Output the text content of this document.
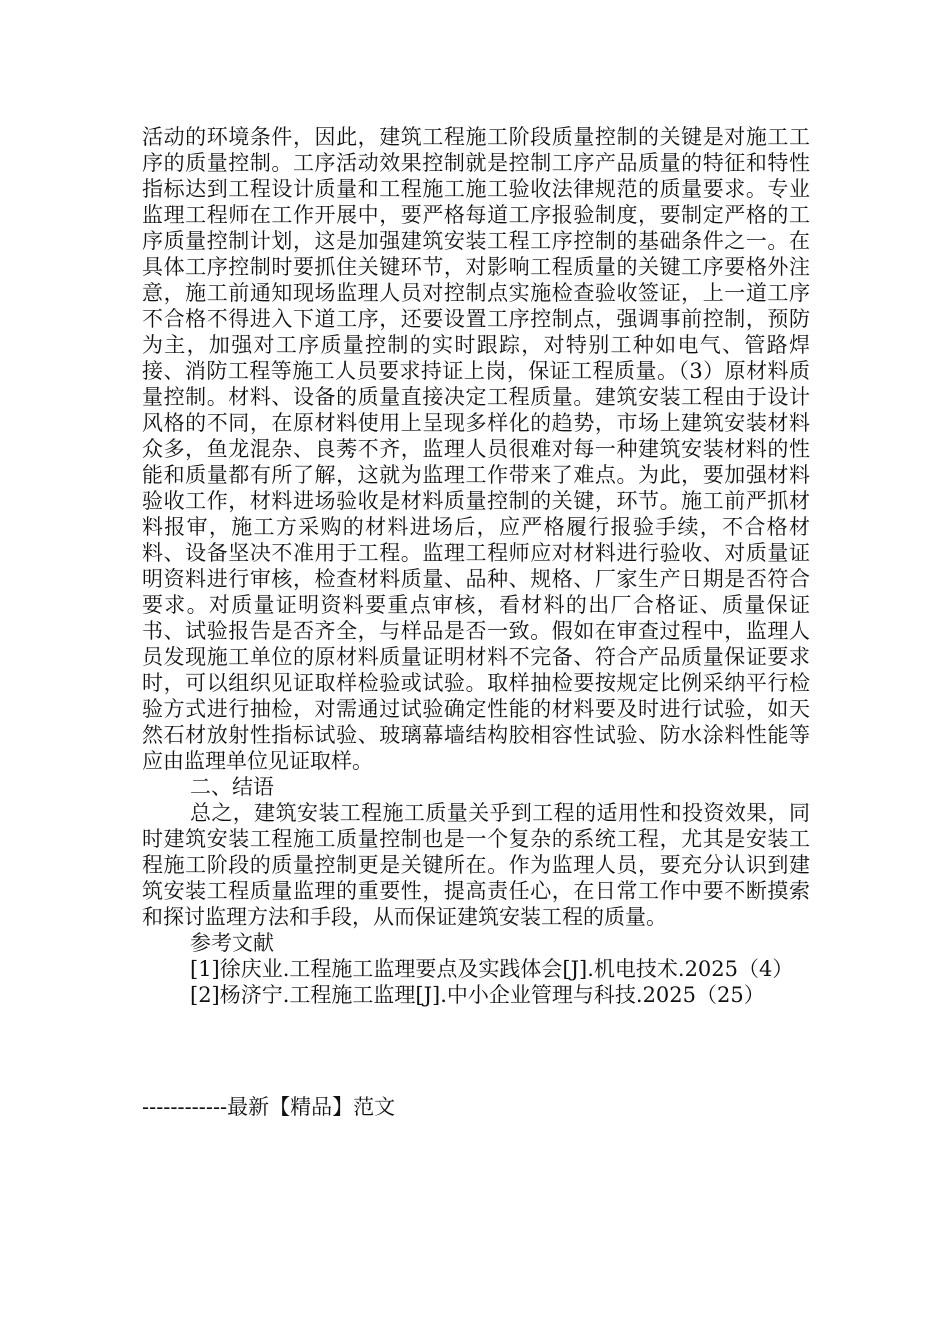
活动的环境条件，因此，建筑工程施工阶段质量控制的关键是对施工工序的质量控制。工序活动效果控制就是控制工序产品质量的特征和特性指标达到工程设计质量和工程施工施工验收法律规范的质量要求。专业监理工程师在工作开展中，要严格每道工序报验制度，要制定严格的工序质量控制计划，这是加强建筑安装工程工序控制的基础条件之一。在具体工序控制时要抓住关键环节，对影响工程质量的关键工序要格外注意，施工前通知现场监理人员对控制点实施检查验收签证，上一道工序不合格不得进入下道工序，还要设置工序控制点，强调事前控制，预防为主，加强对工序质量控制的实时跟踪，对特别工种如电气、管路焊接、消防工程等施工人员要求持证上岗，保证工程质量。（3）原材料质量控制。材料、设备的质量直接决定工程质量。建筑安装工程由于设计风格的不同，在原材料使用上呈现多样化的趋势，市场上建筑安装材料众多，鱼龙混杂、良莠不齐，监理人员很难对每一种建筑安装材料的性能和质量都有所了解，这就为监理工作带来了难点。为此，要加强材料验收工作，材料进场验收是材料质量控制的关键，环节。施工前严抓材料报审，施工方采购的材料进场后，应严格履行报验手续，不合格材料、设备坚决不准用于工程。监理工程师应对材料进行验收、对质量证明资料进行审核，检查材料质量、品种、规格、厂家生产日期是否符合要求。对质量证明资料要重点审核，看材料的出厂合格证、质量保证书、试验报告是否齐全，与样品是否一致。假如在审查过程中，监理人员发现施工单位的原材料质量证明材料不完备、符合产品质量保证要求时，可以组织见证取样检验或试验。取样抽检要按规定比例采纳平行检验方式进行抽检，对需通过试验确定性能的材料要及时进行试验，如天然石材放射性指标试验、玻璃幕墙结构胶相容性试验、防水涂料性能等应由监理单位见证取样。

二、结语

总之，建筑安装工程施工质量关乎到工程的适用性和投资效果，同时建筑安装工程施工质量控制也是一个复杂的系统工程，尤其是安装工程施工阶段的质量控制更是关键所在。作为监理人员，要充分认识到建筑安装工程质量监理的重要性，提高责任心，在日常工作中要不断摸索和探讨监理方法和手段，从而保证建筑安装工程的质量。

参考文献

[1]徐庆业.工程施工监理要点及实践体会[J].机电技术.2025（4）

[2]杨济宁.工程施工监理[J].中小企业管理与科技.2025（25）

------------最新【精品】范文
